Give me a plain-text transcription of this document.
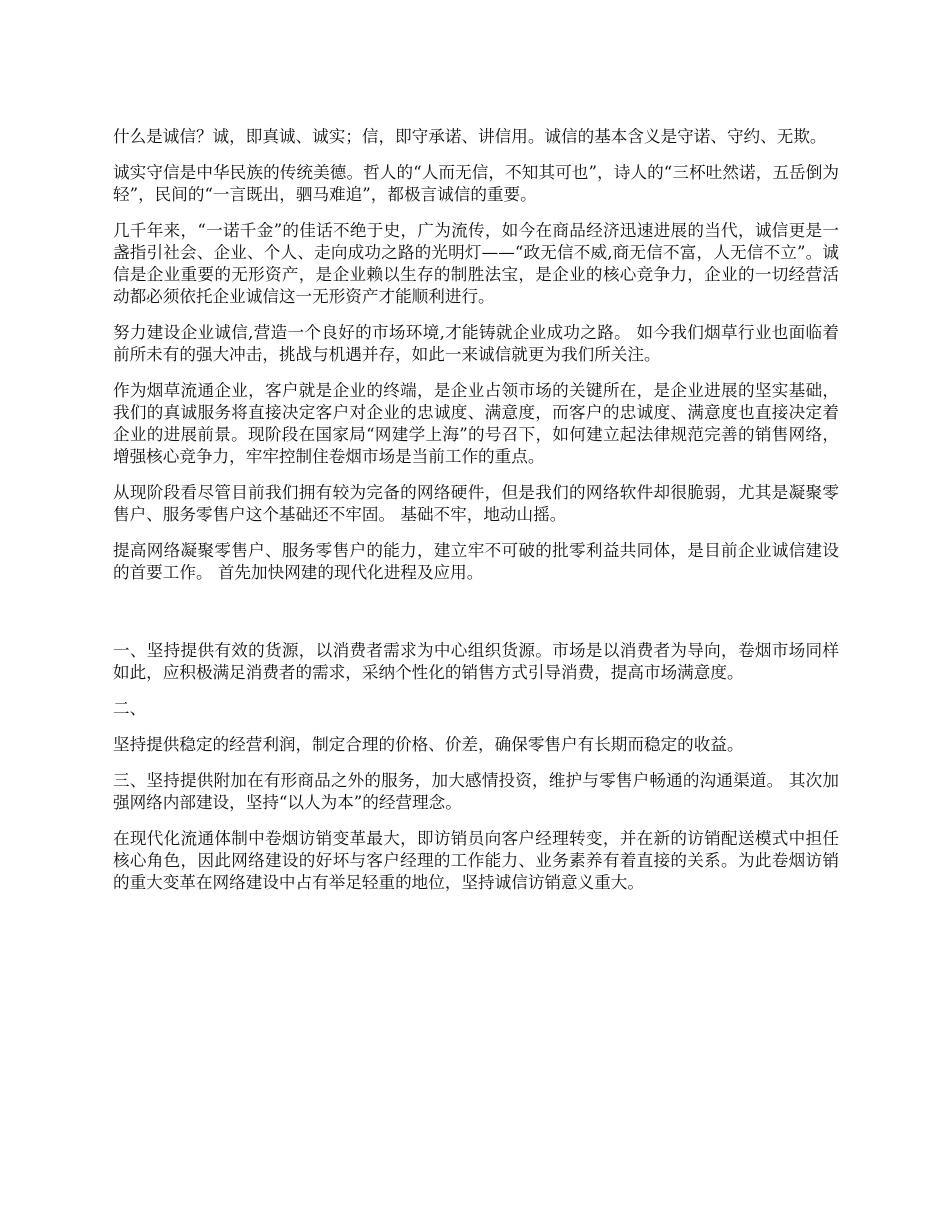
什么是诚信？诚，即真诚、诚实；信，即守承诺、讲信用。诚信的基本含义是守诺、守约、无欺。

诚实守信是中华民族的传统美德。哲人的“人而无信，不知其可也”，诗人的“三杯吐然诺，五岳倒为轻”，民间的“一言既出，驷马难追”，都极言诚信的重要。

几千年来，“一诺千金”的佳话不绝于史，广为流传，如今在商品经济迅速进展的当代，诚信更是一盏指引社会、企业、个人、走向成功之路的光明灯——“政无信不威,商无信不富，人无信不立”。诚信是企业重要的无形资产，是企业赖以生存的制胜法宝，是企业的核心竞争力，企业的一切经营活动都必须依托企业诚信这一无形资产才能顺利进行。

努力建设企业诚信,营造一个良好的市场环境,才能铸就企业成功之路。 如今我们烟草行业也面临着前所未有的强大冲击，挑战与机遇并存，如此一来诚信就更为我们所关注。

作为烟草流通企业，客户就是企业的终端，是企业占领市场的关键所在，是企业进展的坚实基础，我们的真诚服务将直接决定客户对企业的忠诚度、满意度，而客户的忠诚度、满意度也直接决定着企业的进展前景。现阶段在国家局“网建学上海”的号召下，如何建立起法律规范完善的销售网络，增强核心竞争力，牢牢控制住卷烟市场是当前工作的重点。

从现阶段看尽管目前我们拥有较为完备的网络硬件，但是我们的网络软件却很脆弱，尤其是凝聚零售户、服务零售户这个基础还不牢固。 基础不牢，地动山摇。

提高网络凝聚零售户、服务零售户的能力，建立牢不可破的批零利益共同体，是目前企业诚信建设的首要工作。 首先加快网建的现代化进程及应用。

一、坚持提供有效的货源，以消费者需求为中心组织货源。市场是以消费者为导向，卷烟市场同样如此，应积极满足消费者的需求，采纳个性化的销售方式引导消费，提高市场满意度。

二、

坚持提供稳定的经营利润，制定合理的价格、价差，确保零售户有长期而稳定的收益。

三、坚持提供附加在有形商品之外的服务，加大感情投资，维护与零售户畅通的沟通渠道。 其次加强网络内部建设，坚持“以人为本”的经营理念。

在现代化流通体制中卷烟访销变革最大，即访销员向客户经理转变，并在新的访销配送模式中担任核心角色，因此网络建设的好坏与客户经理的工作能力、业务素养有着直接的关系。为此卷烟访销的重大变革在网络建设中占有举足轻重的地位，坚持诚信访销意义重大。
